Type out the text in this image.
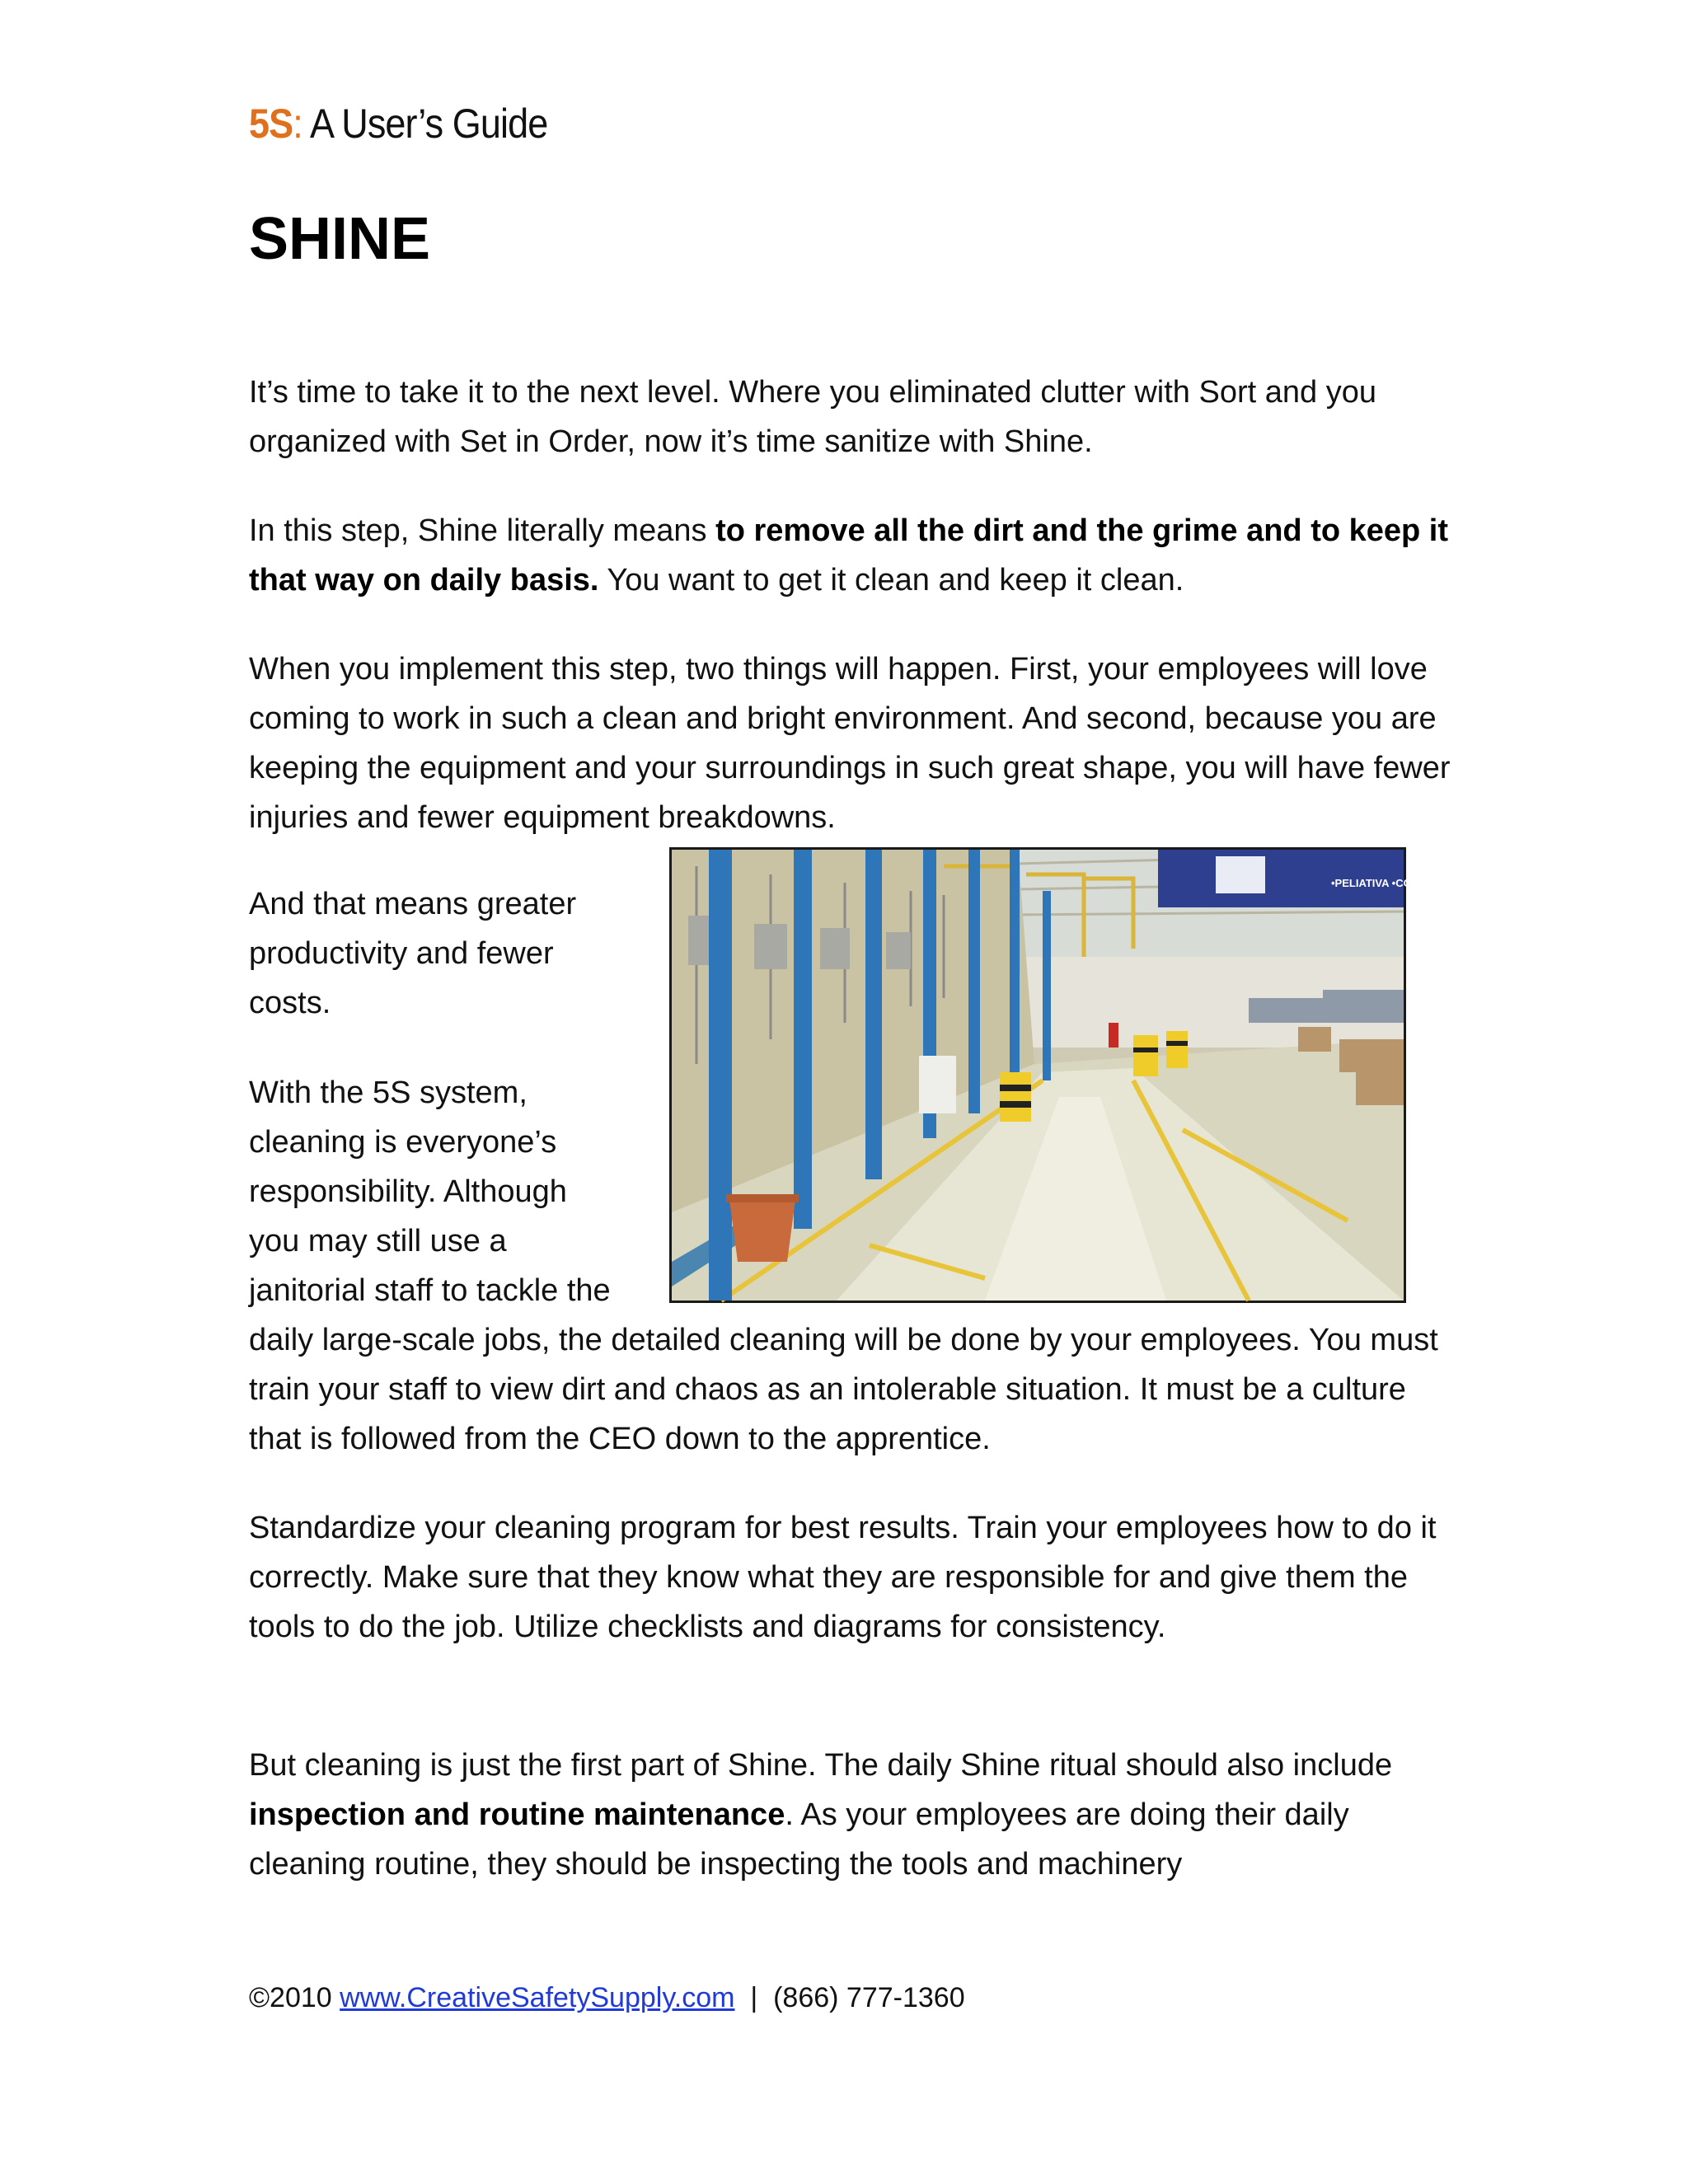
5S: A User’s Guide
SHINE

It’s time to take it to the next level. Where you eliminated clutter with Sort and you organized with Set in Order, now it’s time sanitize with Shine.

In this step, Shine literally means to remove all the dirt and the grime and to keep it that way on daily basis. You want to get it clean and keep it clean.

When you implement this step, two things will happen. First, your employees will love coming to work in such a clean and bright environment. And second, because you are keeping the equipment and your surroundings in such great shape, you will have fewer injuries and fewer equipment breakdowns.

•PELIATIVA •COMPROMISO
And that means greater
productivity and fewer
costs.
With the 5S system,
cleaning is everyone’s
responsibility. Although
you may still use a
janitorial staff to tackle the

daily large-scale jobs, the detailed cleaning will be done by your employees. You must train your staff to view dirt and chaos as an intolerable situation. It must be a culture that is followed from the CEO down to the apprentice.

Standardize your cleaning program for best results. Train your employees how to do it correctly. Make sure that they know what they are responsible for and give them the tools to do the job. Utilize checklists and diagrams for consistency.

But cleaning is just the first part of Shine. The daily Shine ritual should also include inspection and routine maintenance. As your employees are doing their daily cleaning routine, they should be inspecting the tools and machinery

©2010 www.CreativeSafetySupply.com  |  (866) 777-1360
